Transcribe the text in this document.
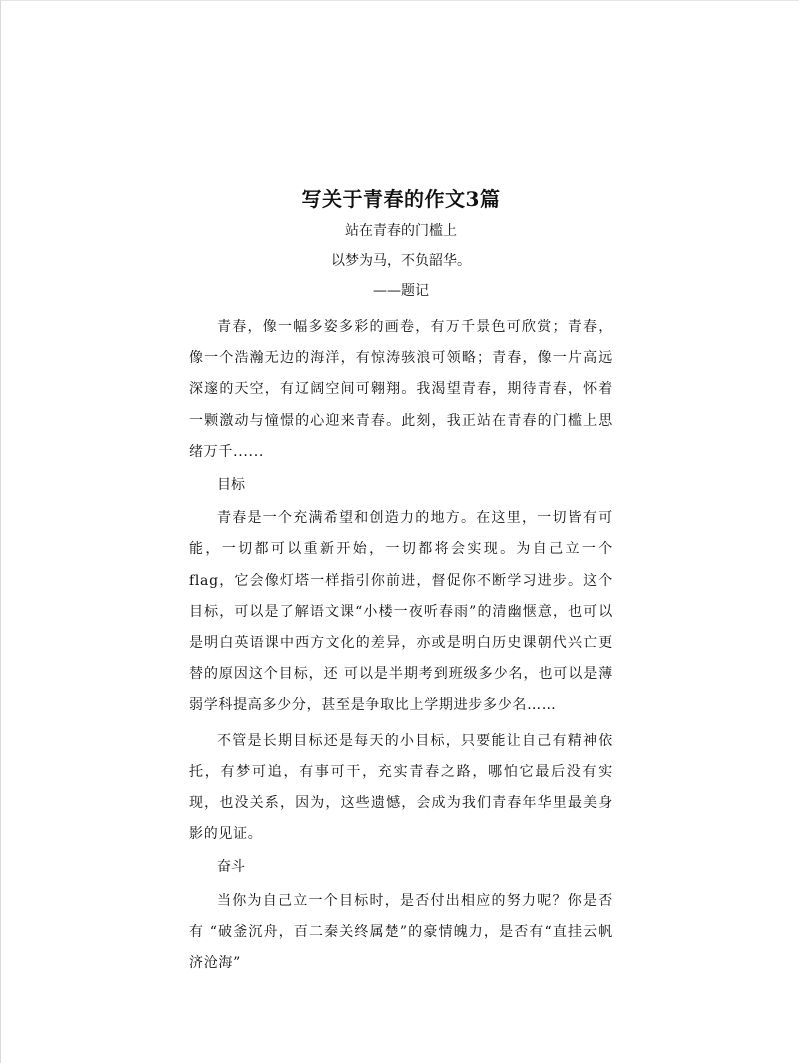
写关于青春的作文3篇

站在青春的门槛上

以梦为马，不负韶华。

——题记

青春，像一幅多姿多彩的画卷，有万千景色可欣赏；青春，像一个浩瀚无边的海洋，有惊涛骇浪可领略；青春，像一片高远深邃的天空，有辽阔空间可翱翔。我渴望青春，期待青春，怀着一颗激动与憧憬的心迎来青春。此刻，我正站在青春的门槛上思绪万千......

目标

青春是一个充满希望和创造力的地方。在这里，一切皆有可能，一切都可以重新开始，一切都将会实现。为自己立一个flag，它会像灯塔一样指引你前进，督促你不断学习进步。这个目标，可以是了解语文课“小楼一夜听春雨”的清幽惬意，也可以是明白英语课中西方文化的差异，亦或是明白历史课朝代兴亡更替的原因这个目标，还 可以是半期考到班级多少名，也可以是薄弱学科提高多少分，甚至是争取比上学期进步多少名……

不管是长期目标还是每天的小目标，只要能让自己有精神依托，有梦可追，有事可干，充实青春之路，哪怕它最后没有实现，也没关系，因为，这些遗憾，会成为我们青春年华里最美身影的见证。

奋斗

当你为自己立一个目标时，是否付出相应的努力呢？你是否有 “破釜沉舟，百二秦关终属楚”的豪情魄力，是否有“直挂云帆济沧海”
